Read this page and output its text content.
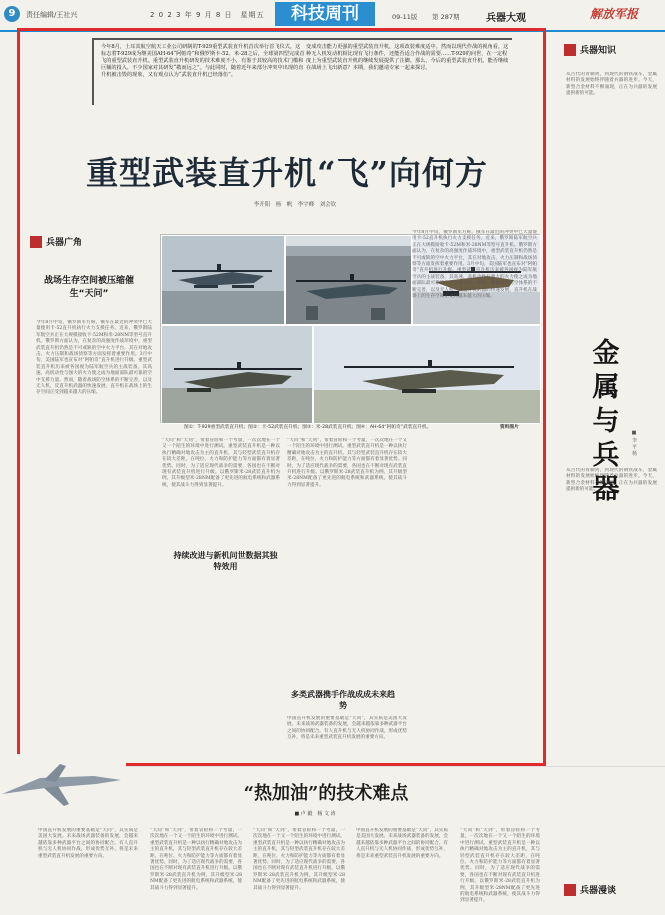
9	责任编辑/王社兴	2 0 2 3 年 9 月 8 日　星期五	科技周刊	09-11版 第 287期	兵器大观	解放军报

今年8月，土耳其航空航天工业公司研制的T-929重型武装直升机首次举行首飞仪式。这标志着T-929成为继美国AH-64“阿帕奇”和俄罗斯卡-52、米-28之后，全球第四型完成首飞的重型武装直升机。重型武装直升机研发的技术难度不小，有鉴于其较高的技术门槛和巨额的投入，不少国家对其研发“敬而远之”。与此同时，随着近年来部分冲突中出现的直升机被击毁的现象，又有观点认为“武装直升机已经落伍”。

变成攻击能力更强的重型武装直升机，这项改装难度适中。然而以现代作战的视角看，这种无人机发动机相比现有飞行条件，还能否适合作战的需要……T-929的问世，在一定程度上为重型武装直升机的继续发展提供了注脚。那么，今后的重型武装直升机，能否继续在战场上飞出新意？本期，我们邀请专家一起来探讨。

重型武装直升机“飞”向何方
李开阳　杨　帆　李宇峰　刘会钦
兵器广角
战场生存空间被压缩催生“天问”
今年8月中旬，俄罗斯军方称，俄军在最近的冲突中已大量使用卡-52直升机执行火力支援任务。近来，俄罗斯陆军航空兵正在大规模接收卡-52M和米-28NM等型号直升机。俄罗斯方面认为，在复杂的高强度作战环境中，重型武装直升机仍然是不可或缺的空中火力平台，其在对地攻击、火力压制和战场侦察等方面发挥着重要作用。3月中旬，美国陆军也宣布对“阿帕奇”直升机进行升级。重型武装直升机历来被各国视为陆军航空兵的主战装备，其高速、高机动性与强大的火力使之成为地面部队最可靠的空中支援力量。然而，随着战场防空体系的不断完善，以及无人机、反直升机武器的快速发展，直升机在战场上的生存空间正受到越来越大的压缩。
图①：T-929重型武装直升机；图②：卡-52武装直升机；图③：米-28武装直升机；图④：AH-64“阿帕奇”武装直升机。	资料图片
“天问”和“天剑”，带着冒险和一个考量，一次次地在一个又一个陌生的环境中进行测试。重型武装直升机是一种以执行精确对地攻击为主的直升机，其与轻型武装直升机存在较大差距，在吨位、火力和防护能力等方面都有着显著优势。同时，为了适应现代战争的需要，各国也在不断对现有武装直升机进行升级。以俄罗斯米-28武装直升机为例，其升级型米-28NM配备了更先进的航电系统和武器系统，使其战斗力得到显著提升。
持续改进与新机问世数据其独特效用
“天问”和“天剑”，带着冒险和一个考量，一次次地在一个又一个陌生的环境中进行测试。重型武装直升机是一种以执行精确对地攻击为主的直升机，其与轻型武装直升机存在较大差距，在吨位、火力和防护能力等方面都有着显著优势。同时，为了适应现代战争的需要，各国也在不断对现有武装直升机进行升级。以俄罗斯米-28武装直升机为例，其升级型米-28NM配备了更先进的航电系统和武器系统，使其战斗力得到显著提升。
多类武器携手作战成成未来趋势
中国直升机发展的重要基础是“天问”，其实质是美国大发展。未来战场武器装备的发展，会越来越依靠多种武器平台之间的协同配合。有人直升机与无人机协同作战，形成优势互补，将是未来重型武装直升机发展的重要方向。
今年8月中旬，俄罗斯军方称，俄军在最近的冲突中已大量使用卡-52直升机执行火力支援任务。近来，俄罗斯陆军航空兵正在大规模接收卡-52M和米-28NM等型号直升机。俄罗斯方面认为，在复杂的高强度作战环境中，重型武装直升机仍然是不可或缺的空中火力平台，其在对地攻击、火力压制和战场侦察等方面发挥着重要作用。3月中旬，美国陆军也宣布对“阿帕奇”直升机进行升级。重型武装直升机历来被各国视为陆军航空兵的主战装备，其高速、高机动性与强大的火力使之成为地面部队最可靠的空中支援力量。然而，随着战场防空体系的不断完善，以及无人机、反直升机武器的快速发展，直升机在战场上的生存空间正受到越来越大的压缩。
兵器知识
从古代的青铜剑，到现代的钢铁战车，金属材料的发展始终伴随着兵器的进步。今天，新型合金材料不断涌现，正在为兵器的发展提供新的可能。
金属与兵器
■ 李 平 杨
从古代的青铜剑，到现代的钢铁战车，金属材料的发展始终伴随着兵器的进步。今天，新型合金材料不断涌现，正在为兵器的发展提供新的可能。
“热加油”的技术难点
■ 卢 毅　杨 文 涛
中国直升机发展的重要基础是“天问”，其实质是美国大发展。未来战场武器装备的发展，会越来越依靠多种武器平台之间的协同配合。有人直升机与无人机协同作战，形成优势互补，将是未来重型武装直升机发展的重要方向。
“天问”和“天剑”，带着冒险和一个考量，一次次地在一个又一个陌生的环境中进行测试。重型武装直升机是一种以执行精确对地攻击为主的直升机，其与轻型武装直升机存在较大差距，在吨位、火力和防护能力等方面都有着显著优势。同时，为了适应现代战争的需要，各国也在不断对现有武装直升机进行升级。以俄罗斯米-28武装直升机为例，其升级型米-28NM配备了更先进的航电系统和武器系统，使其战斗力得到显著提升。
“天问”和“天剑”，带着冒险和一个考量，一次次地在一个又一个陌生的环境中进行测试。重型武装直升机是一种以执行精确对地攻击为主的直升机，其与轻型武装直升机存在较大差距，在吨位、火力和防护能力等方面都有着显著优势。同时，为了适应现代战争的需要，各国也在不断对现有武装直升机进行升级。以俄罗斯米-28武装直升机为例，其升级型米-28NM配备了更先进的航电系统和武器系统，使其战斗力得到显著提升。
中国直升机发展的重要基础是“天问”，其实质是美国大发展。未来战场武器装备的发展，会越来越依靠多种武器平台之间的协同配合。有人直升机与无人机协同作战，形成优势互补，将是未来重型武装直升机发展的重要方向。
“天问”和“天剑”，带着冒险和一个考量，一次次地在一个又一个陌生的环境中进行测试。重型武装直升机是一种以执行精确对地攻击为主的直升机，其与轻型武装直升机存在较大差距，在吨位、火力和防护能力等方面都有着显著优势。同时，为了适应现代战争的需要，各国也在不断对现有武装直升机进行升级。以俄罗斯米-28武装直升机为例，其升级型米-28NM配备了更先进的航电系统和武器系统，使其战斗力得到显著提升。
兵器漫谈
